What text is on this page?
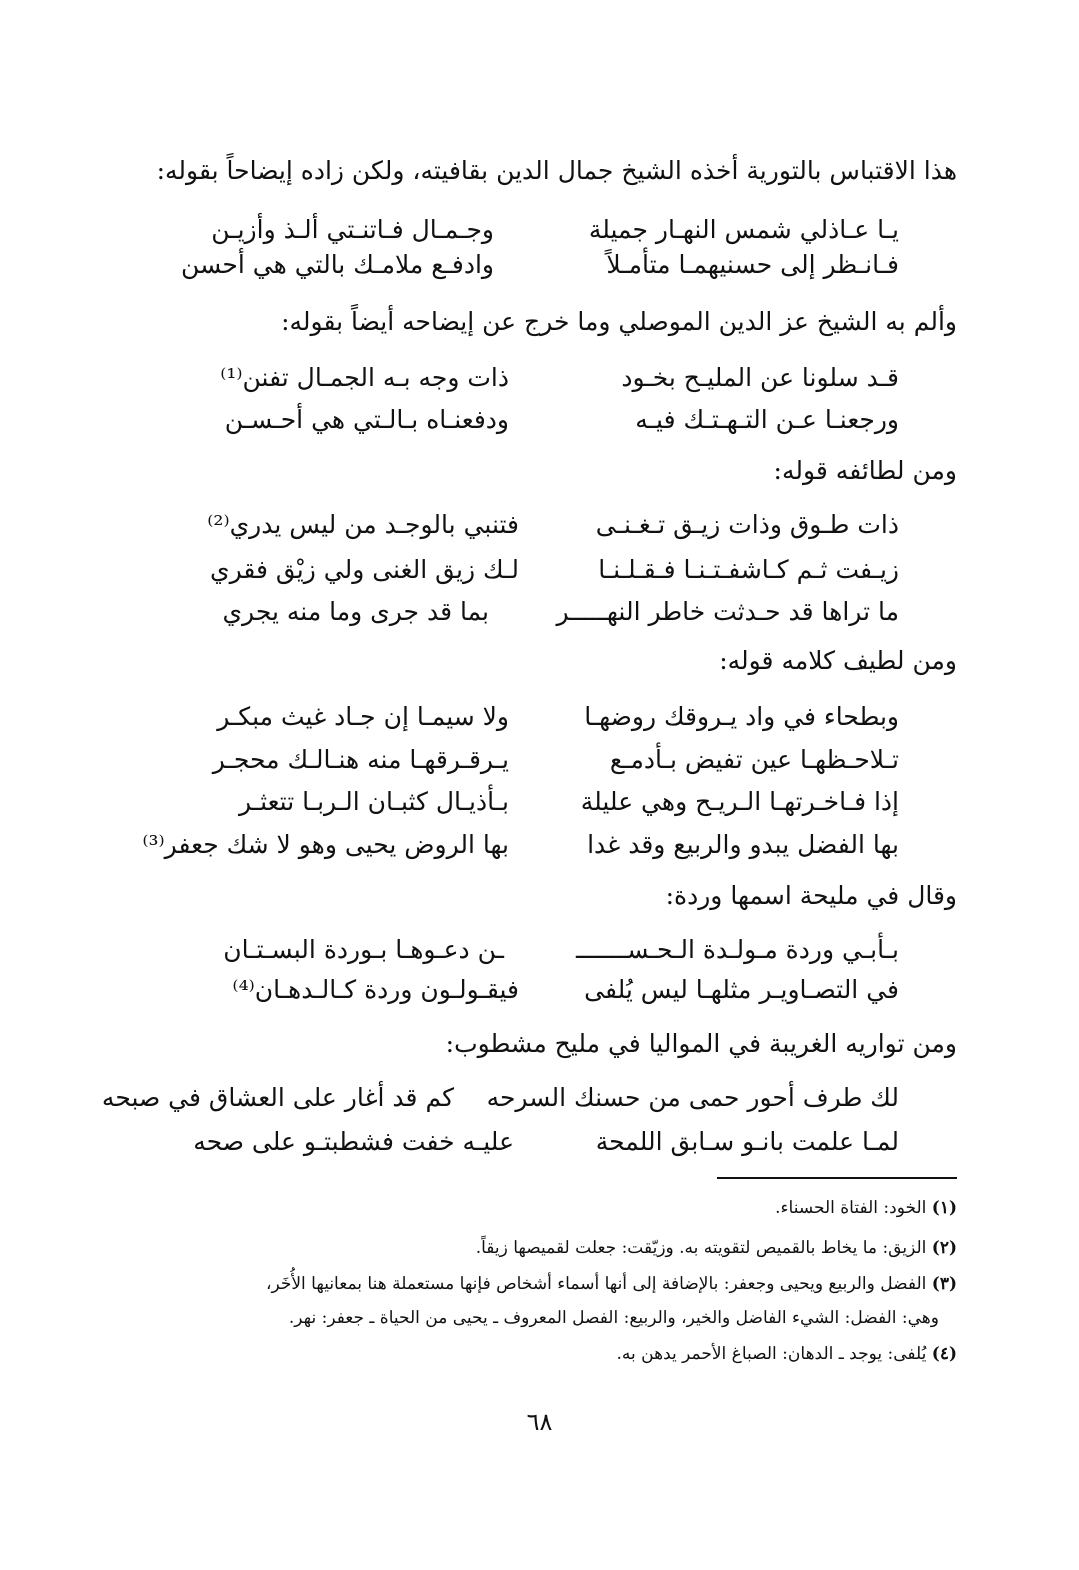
هذا الاقتباس بالتورية أخذه الشيخ جمال الدين بقافيته، ولكن زاده إيضاحاً بقوله:
يـا عـاذلي شمس النهـار جميلة
وجـمـال فـاتنـتي ألـذ وأزيـن
فـانـظر إلى حسنيهمـا متأمـلاً
وادفـع ملامـك بالتي هي أحسن
وألم به الشيخ عز الدين الموصلي وما خرج عن إيضاحه أيضاً بقوله:
قـد سلونا عن المليـح بخـود
ذات وجه بـه الجمـال تفنن⁽¹⁾
ورجعنـا عـن التـهـتـك فيـه
ودفعنـاه بـالـتي هي أحـسـن
ومن لطائفه قوله:
ذات طـوق وذات زيـق تـغـنـى
فتنبي بالوجـد من ليس يدري⁽²⁾
زيـفت ثـم كـاشفـتـنـا فـقـلـنـا
لـك زيق الغنى ولي زيْق فقري
ما تراها قد حـدثت خاطر النهـــــر
بما قد جرى وما منه يجري
ومن لطيف كلامه قوله:
وبطحاء في واد يـروقك روضهـا
ولا سيمـا إن جـاد غيث مبكـر
تـلاحـظهـا عين تفيض بـأدمـع
يـرقـرقهـا منه هنـالـك محجـر
إذا فـاخـرتهـا الـريـح وهي عليلة
بـأذيـال كثبـان الـربـا تتعثـر
بها الفضل يبدو والربيع وقد غدا
بها الروض يحيى وهو لا شك جعفر⁽³⁾
وقال في مليحة اسمها وردة:
بـأبـي وردة مـولـدة الـحـســـــــ
ـن دعـوهـا بـوردة البسـتـان
في التصـاويـر مثلهـا ليس يُلفى
فيقـولـون وردة كـالـدهـان⁽⁴⁾
ومن تواريه الغريبة في المواليا في مليح مشطوب:
لك طرف أحور حمى من حسنك السرحه
كم قد أغار على العشاق في صبحه
لمـا علمت بانـو سـابق اللمحة
عليـه خفت فشطبتـو على صحه
(١) الخود: الفتاة الحسناء.
(٢) الزيق: ما يخاط بالقميص لتقويته به. وزيّقت: جعلت لقميصها زيقاً.
(٣) الفضل والربيع ويحيى وجعفر: بالإضافة إلى أنها أسماء أشخاص فإنها مستعملة هنا بمعانيها الأُخَر،
وهي: الفضل: الشيء الفاضل والخير، والربيع: الفصل المعروف ـ يحيى من الحياة ـ جعفر: نهر.
(٤) يُلفى: يوجد ـ الدهان: الصباغ الأحمر يدهن به.
٦٨
